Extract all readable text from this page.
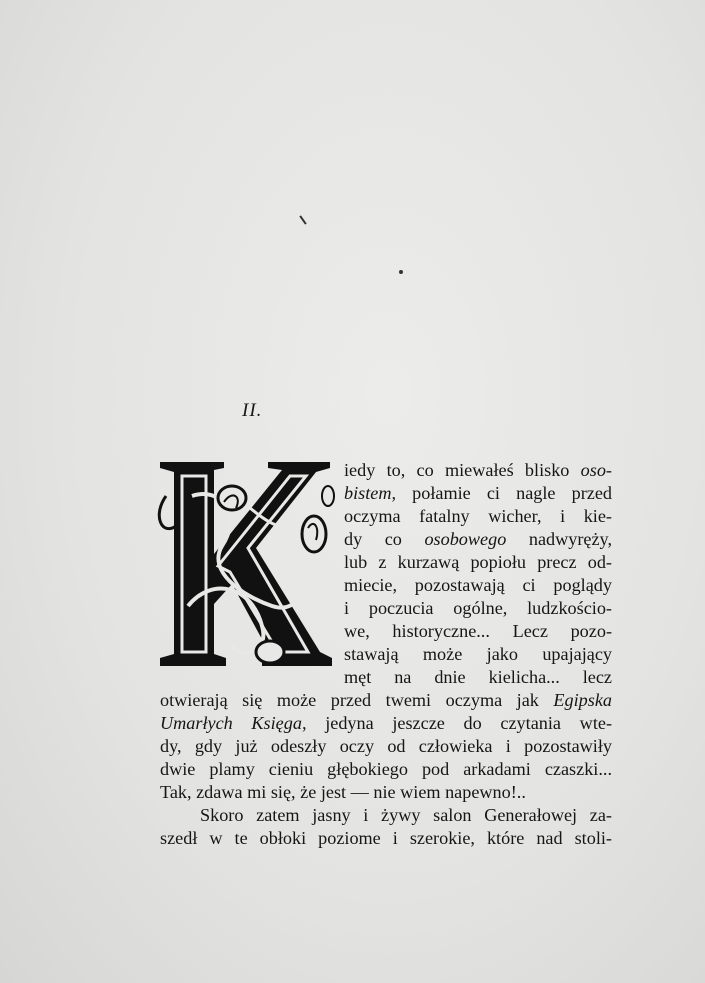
II.
iedy to, co miewałeś blisko oso-
bistem, połamie ci nagle przed
oczyma fatalny wicher, i kie-
dy co osobowego nadwyręży,
lub z kurzawą popiołu precz od-
miecie, pozostawają ci poglądy
i poczucia ogólne, ludzkościo-
we, historyczne... Lecz pozo-
stawają może jako upajający
męt na dnie kielicha... lecz
otwierają się może przed twemi oczyma jak Egipska
Umarłych Księga, jedyna jeszcze do czytania wte-
dy, gdy już odeszły oczy od człowieka i pozostawiły
dwie plamy cieniu głębokiego pod arkadami czaszki...
Tak, zdawa mi się, że jest — nie wiem napewno!..
Skoro zatem jasny i żywy salon Generałowej za-
szedł w te obłoki poziome i szerokie, które nad stoli-
